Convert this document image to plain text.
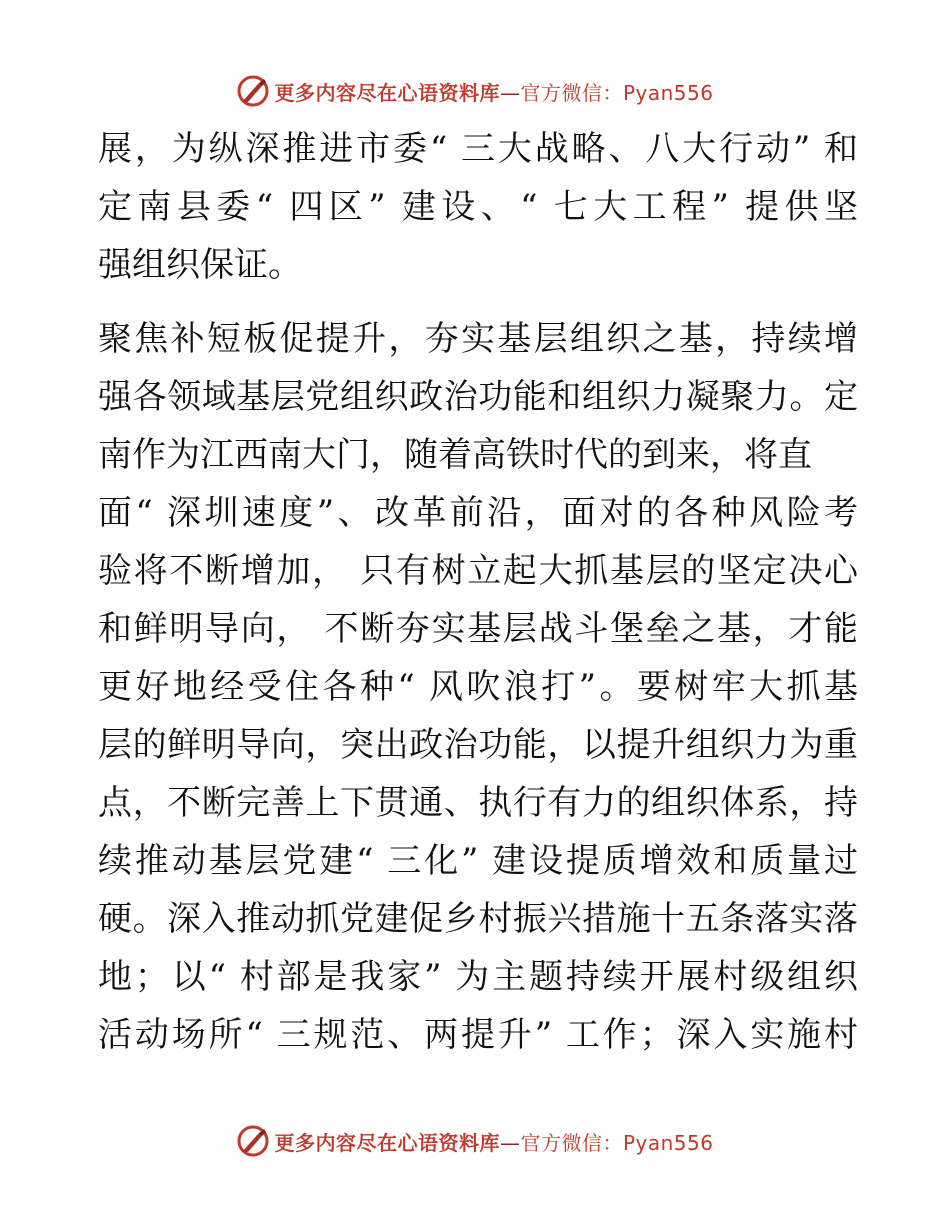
更多内容尽在心语资料库—官方微信：Pyan556
展，为纵深推进市委“ 三大战略、八大行动” 和
定南县委“ 四区” 建设、“ 七大工程” 提供坚
强组织保证。
聚焦补短板促提升，夯实基层组织之基，持续增
强各领域基层党组织政治功能和组织力凝聚力。定
南作为江西南大门，随着高铁时代的到来，将直
面“ 深圳速度”、改革前沿，面对的各种风险考
验将不断增加， 只有树立起大抓基层的坚定决心
和鲜明导向， 不断夯实基层战斗堡垒之基，才能
更好地经受住各种“ 风吹浪打”。要树牢大抓基
层的鲜明导向，突出政治功能，以提升组织力为重
点，不断完善上下贯通、执行有力的组织体系，持
续推动基层党建“ 三化” 建设提质增效和质量过
硬。深入推动抓党建促乡村振兴措施十五条落实落
地；以“ 村部是我家” 为主题持续开展村级组织
活动场所“ 三规范、两提升” 工作；深入实施村
更多内容尽在心语资料库—官方微信：Pyan556
